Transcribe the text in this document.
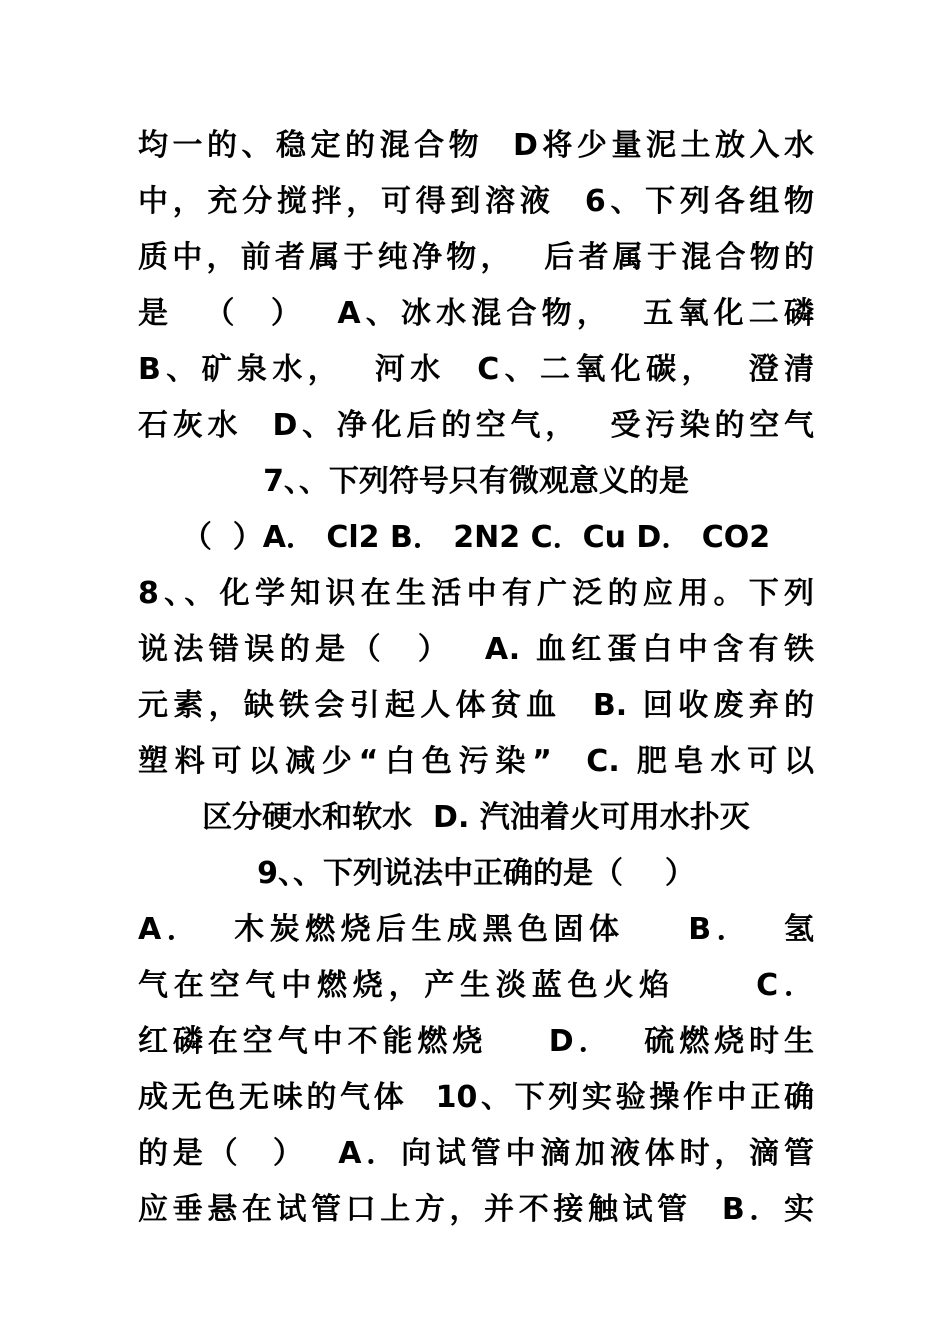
均一的、稳定的混合物  D将少量泥土放入水
中，充分搅拌，可得到溶液  6、下列各组物
质中，前者属于纯净物，  后者属于混合物的
是  （  ）  A、冰水混合物，  五氧化二磷
B、矿泉水，  河水  C、二氧化碳，  澄清
石灰水  D、净化后的空气，  受污染的空气
7、、下列符号只有微观意义的是
（  ）A． Cl2 B． 2N2 C．Cu D． CO2
8、、化学知识在生活中有广泛的应用。下列
说法错误的是（  ）  A. 血红蛋白中含有铁
元素，缺铁会引起人体贫血  B. 回收废弃的
塑料可以减少“白色污染”  C. 肥皂水可以
区分硬水和软水  D. 汽油着火可用水扑灭
9、、下列说法中正确的是（    ）
A．  木炭燃烧后生成黑色固体    B．  氢
气在空气中燃烧，产生淡蓝色火焰     C．
红磷在空气中不能燃烧    D．  硫燃烧时生
成无色无味的气体  10、下列实验操作中正确
的是（  ）  A．向试管中滴加液体时，滴管
应垂悬在试管口上方，并不接触试管  B．实
